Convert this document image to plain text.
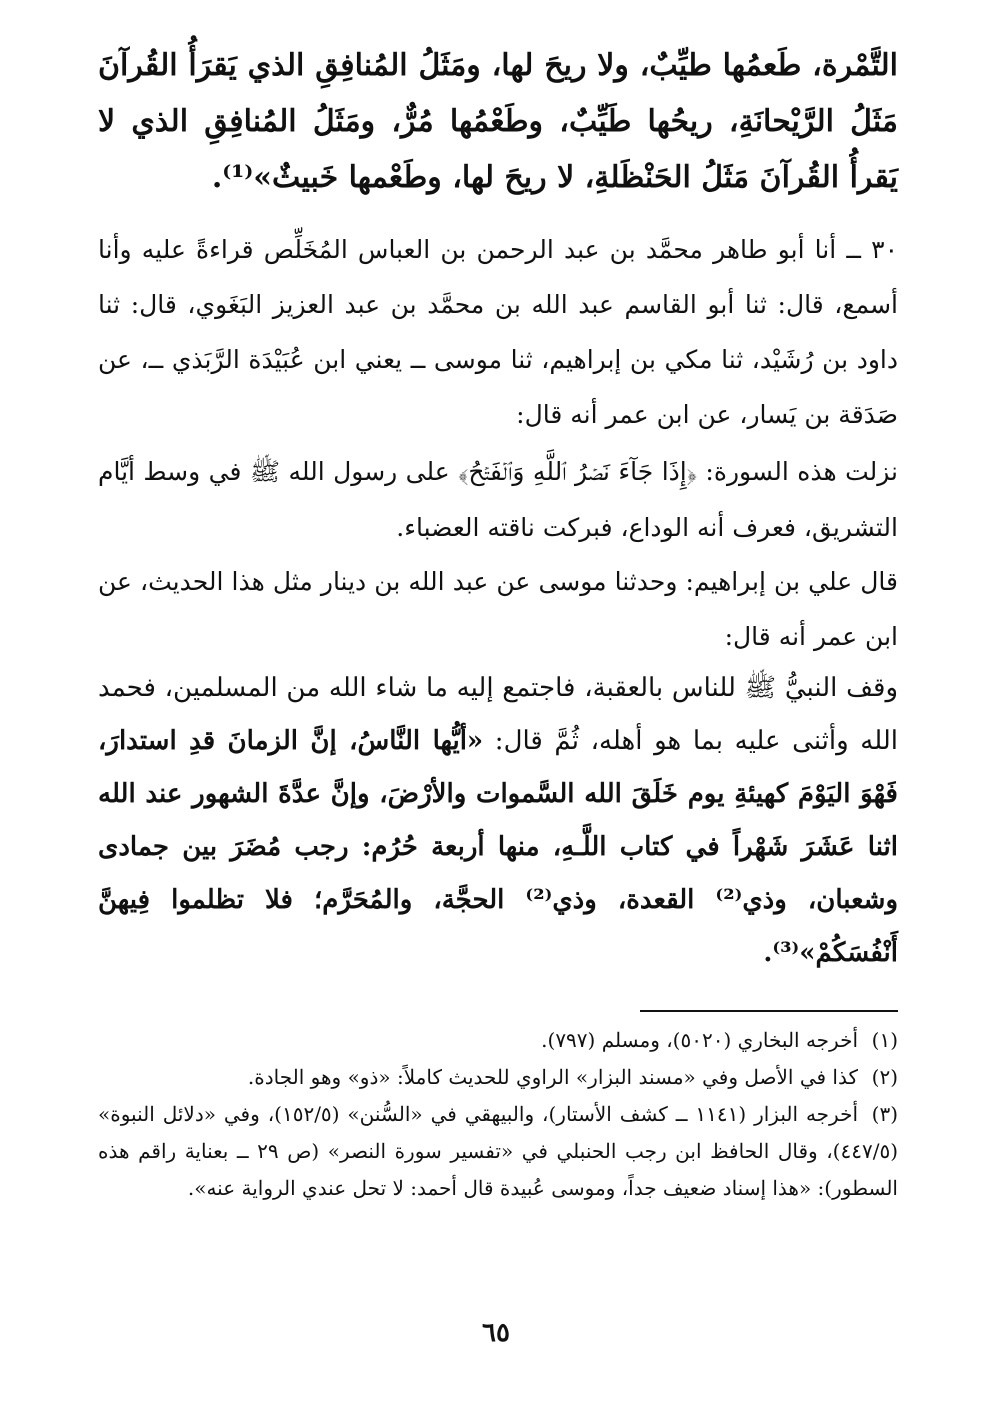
التَّمْرة، طَعمُها طيِّبٌ، ولا ريحَ لها، ومَثَلُ المُنافِقِ الذي يَقرَأُ القُرآنَ مَثَلُ الرَّيْحانَةِ، ريحُها طَيِّبٌ، وطَعْمُها مُرٌّ، ومَثَلُ المُنافِقِ الذي لا يَقرأُ القُرآنَ مَثَلُ الحَنْظَلةِ، لا ريحَ لها، وطَعْمها خَبيثٌ»⁽¹⁾.

٣٠ ــ أنا أبو طاهر محمَّد بن عبد الرحمن بن العباس المُخَلِّص قراءةً عليه وأنا أسمع، قال: ثنا أبو القاسم عبد الله بن محمَّد بن عبد العزيز البَغَوي، قال: ثنا داود بن رُشَيْد، ثنا مكي بن إبراهيم، ثنا موسى ــ يعني ابن عُبَيْدَة الرَّبَذي ــ، عن صَدَقة بن يَسار، عن ابن عمر أنه قال:

نزلت هذه السورة: ﴿إِذَا جَآءَ نَصۡرُ ٱللَّهِ وَٱلۡفَتۡحُ﴾ على رسول الله ﷺ في وسط أيَّام التشريق، فعرف أنه الوداع، فبركت ناقته العضباء.

قال علي بن إبراهيم: وحدثنا موسى عن عبد الله بن دينار مثل هذا الحديث، عن ابن عمر أنه قال:

وقف النبيُّ ﷺ للناس بالعقبة، فاجتمع إليه ما شاء الله من المسلمين، فحمد الله وأثنى عليه بما هو أهله، ثُمَّ قال: «أيُّها النَّاسُ، إنَّ الزمانَ قدِ استدارَ، فَهْوَ اليَوْمَ كهيئةِ يوم خَلَقَ الله السَّموات والأرْضَ، وإنَّ عدَّةَ الشهور عند الله اثنا عَشَرَ شَهْراً في كتاب اللَّـهِ، منها أربعة حُرُم: رجب مُضَرَ بين جمادى وشعبان، وذي⁽²⁾ القعدة، وذي⁽²⁾ الحجَّة، والمُحَرَّم؛ فلا تظلموا فِيهنَّ أَنْفُسَكُمْ»⁽³⁾.

(١)أخرجه البخاري (٥٠٢٠)، ومسلم (٧٩٧).

(٢)كذا في الأصل وفي «مسند البزار» الراوي للحديث كاملاً: «ذو» وهو الجادة.

(٣)أخرجه البزار (١١٤١ ــ كشف الأستار)، والبيهقي في «السُّنن» (١٥٢/٥)، وفي «دلائل النبوة» (٤٤٧/٥)، وقال الحافظ ابن رجب الحنبلي في «تفسير سورة النصر» (ص ٢٩ ــ بعناية راقم هذه السطور): «هذا إسناد ضعيف جداً، وموسى عُبيدة قال أحمد: لا تحل عندي الرواية عنه».

٦٥
